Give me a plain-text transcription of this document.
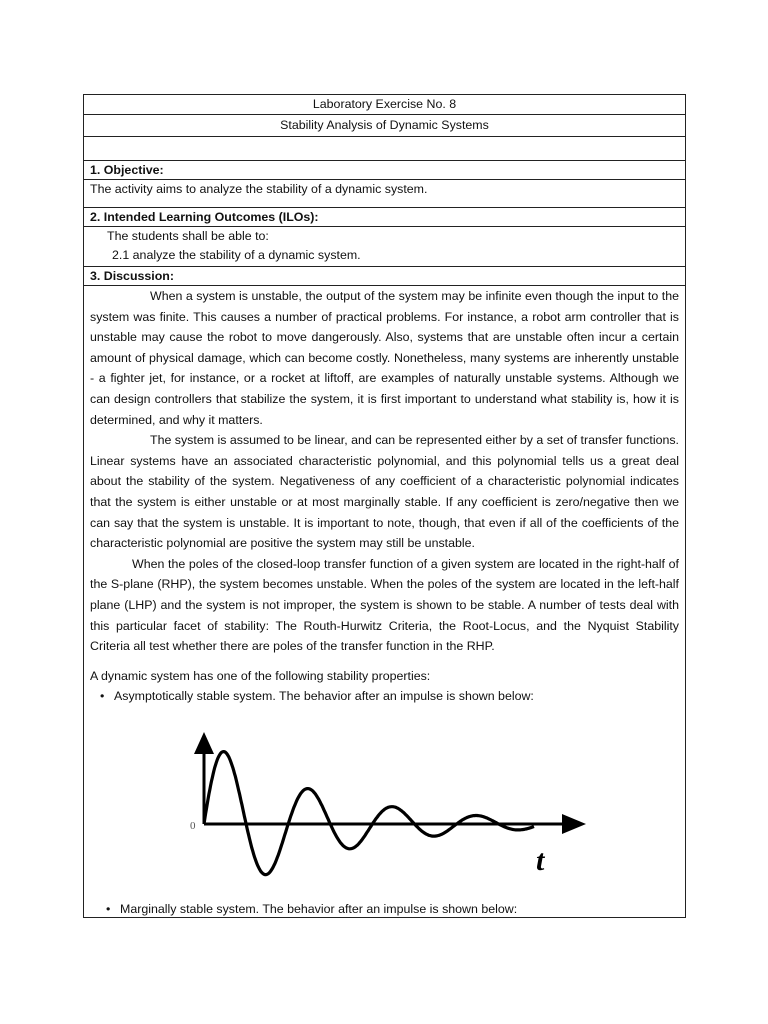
Laboratory Exercise No. 8
Stability Analysis of Dynamic Systems
1. Objective:
The activity aims to analyze the stability of a dynamic system.
2. Intended Learning Outcomes (ILOs):
The students shall be able to:
2.1 analyze the stability of a dynamic system.
3. Discussion:

When a system is unstable, the output of the system may be infinite even though the input to the system was finite. This causes a number of practical problems. For instance, a robot arm controller that is unstable may cause the robot to move dangerously. Also, systems that are unstable often incur a certain amount of physical damage, which can become costly. Nonetheless, many systems are inherently unstable - a fighter jet, for instance, or a rocket at liftoff, are examples of naturally unstable systems. Although we can design controllers that stabilize the system, it is first important to understand what stability is, how it is determined, and why it matters.

The system is assumed to be linear, and can be represented either by a set of transfer functions. Linear systems have an associated characteristic polynomial, and this polynomial tells us a great deal about the stability of the system. Negativeness of any coefficient of a characteristic polynomial indicates that the system is either unstable or at most marginally stable. If any coefficient is zero/negative then we can say that the system is unstable. It is important to note, though, that even if all of the coefficients of the characteristic polynomial are positive the system may still be unstable.

When the poles of the closed-loop transfer function of a given system are located in the right-half of the S-plane (RHP), the system becomes unstable. When the poles of the system are located in the left-half plane (LHP) and the system is not improper, the system is shown to be stable. A number of tests deal with this particular facet of stability: The Routh-Hurwitz Criteria, the Root-Locus, and the Nyquist Stability Criteria all test whether there are poles of the transfer function in the RHP.

A dynamic system has one of the following stability properties:

• Asymptotically stable system. The behavior after an impulse is shown below:
0
t
• Marginally stable system. The behavior after an impulse is shown below:
